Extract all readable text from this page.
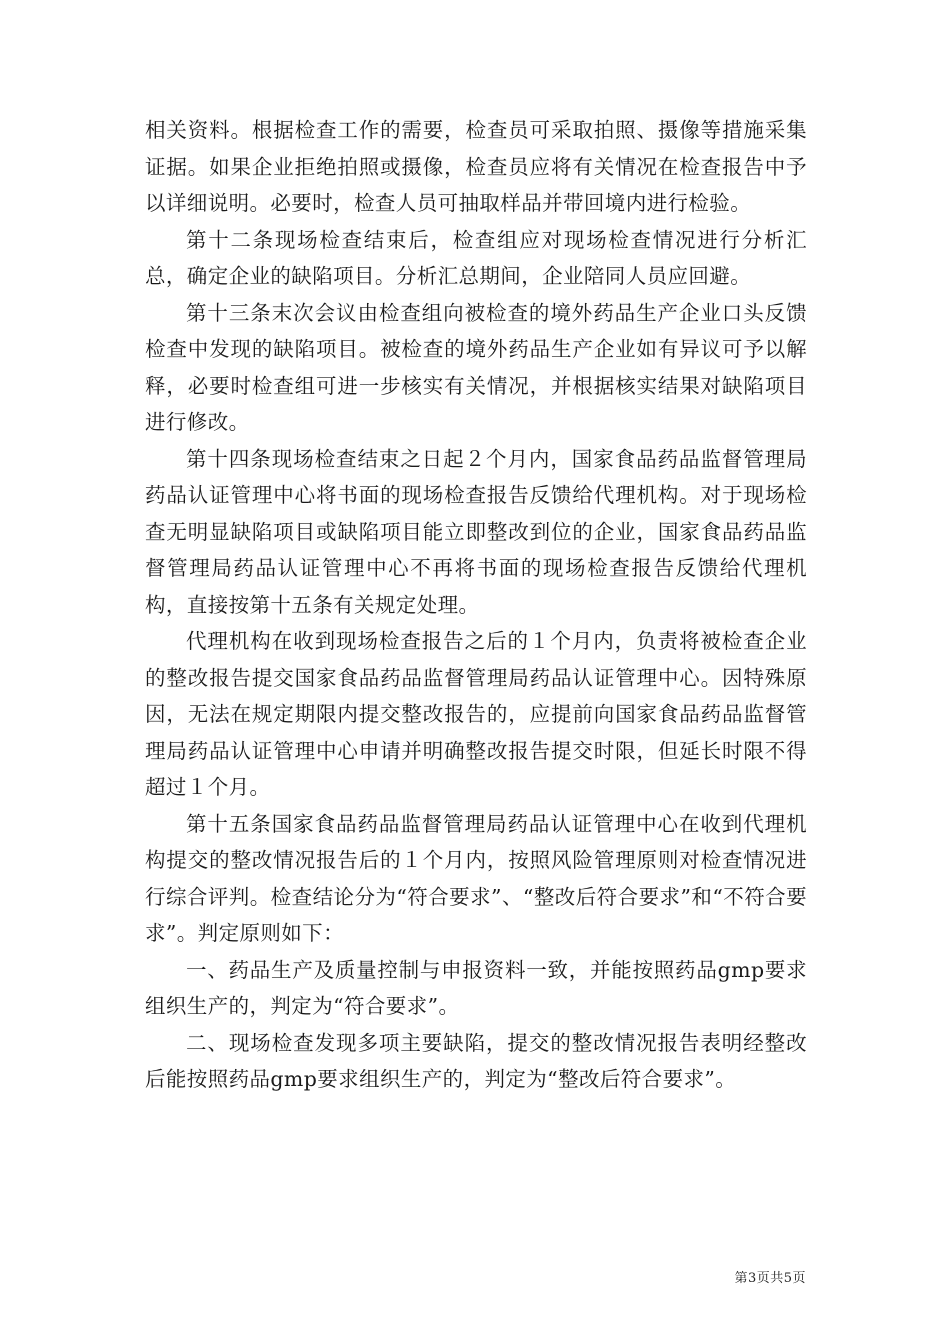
相关资料。根据检查工作的需要，检查员可采取拍照、摄像等措施采集证据。如果企业拒绝拍照或摄像，检查员应将有关情况在检查报告中予以详细说明。必要时，检查人员可抽取样品并带回境内进行检验。

第十二条现场检查结束后，检查组应对现场检查情况进行分析汇总，确定企业的缺陷项目。分析汇总期间，企业陪同人员应回避。

第十三条末次会议由检查组向被检查的境外药品生产企业口头反馈检查中发现的缺陷项目。被检查的境外药品生产企业如有异议可予以解释，必要时检查组可进一步核实有关情况，并根据核实结果对缺陷项目进行修改。

第十四条现场检查结束之日起２个月内，国家食品药品监督管理局药品认证管理中心将书面的现场检查报告反馈给代理机构。对于现场检查无明显缺陷项目或缺陷项目能立即整改到位的企业，国家食品药品监督管理局药品认证管理中心不再将书面的现场检查报告反馈给代理机构，直接按第十五条有关规定处理。

代理机构在收到现场检查报告之后的１个月内，负责将被检查企业的整改报告提交国家食品药品监督管理局药品认证管理中心。因特殊原因，无法在规定期限内提交整改报告的，应提前向国家食品药品监督管理局药品认证管理中心申请并明确整改报告提交时限，但延长时限不得超过１个月。

第十五条国家食品药品监督管理局药品认证管理中心在收到代理机构提交的整改情况报告后的１个月内，按照风险管理原则对检查情况进行综合评判。检查结论分为“符合要求”、“整改后符合要求”和“不符合要求”。判定原则如下：

一、药品生产及质量控制与申报资料一致，并能按照药品gmp要求组织生产的，判定为“符合要求”。

二、现场检查发现多项主要缺陷，提交的整改情况报告表明经整改后能按照药品gmp要求组织生产的，判定为“整改后符合要求”。

第3页共5页
